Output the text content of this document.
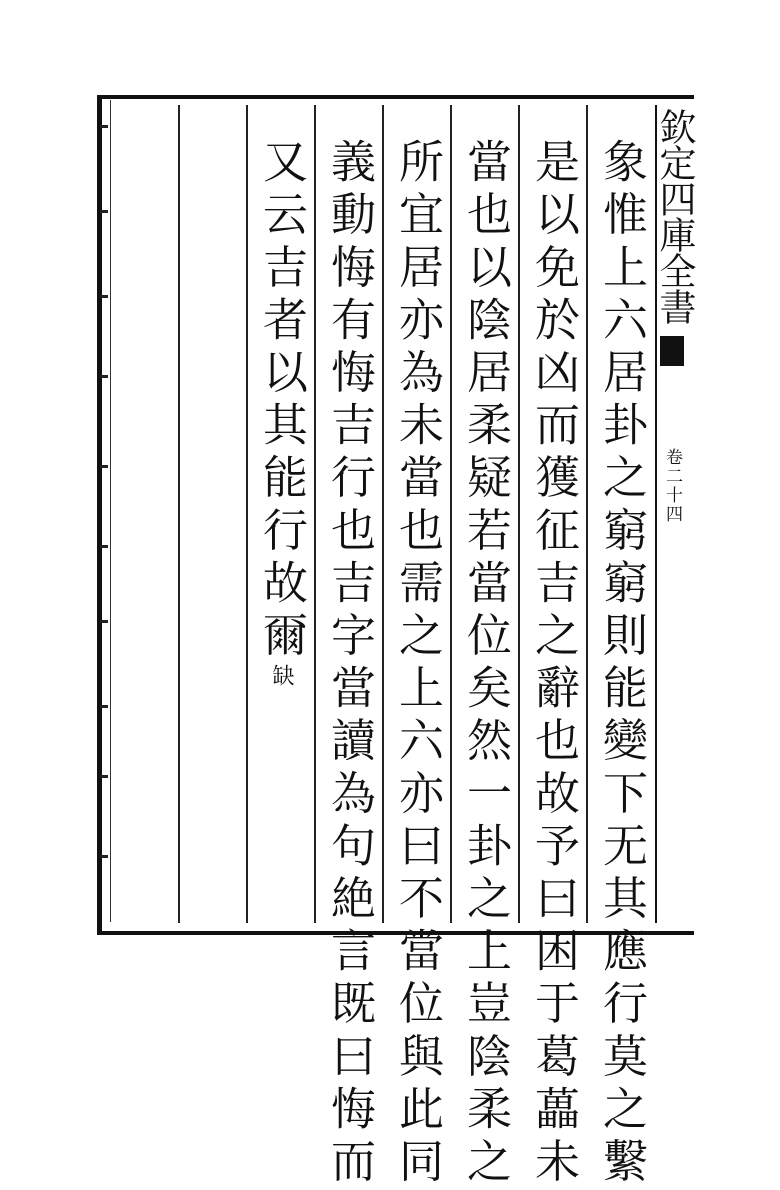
欽定四庫全書
卷二十四
象惟上六居卦之窮窮則能變下无其應行莫之繫
是以免於凶而獲征吉之辭也故予曰困于葛藟未
當也以陰居柔疑若當位矣然一卦之上豈陰柔之
所宜居亦為未當也需之上六亦曰不當位與此同
義動悔有悔吉行也吉字當讀為句絶言既曰悔而
又云吉者以其能行故爾缺
